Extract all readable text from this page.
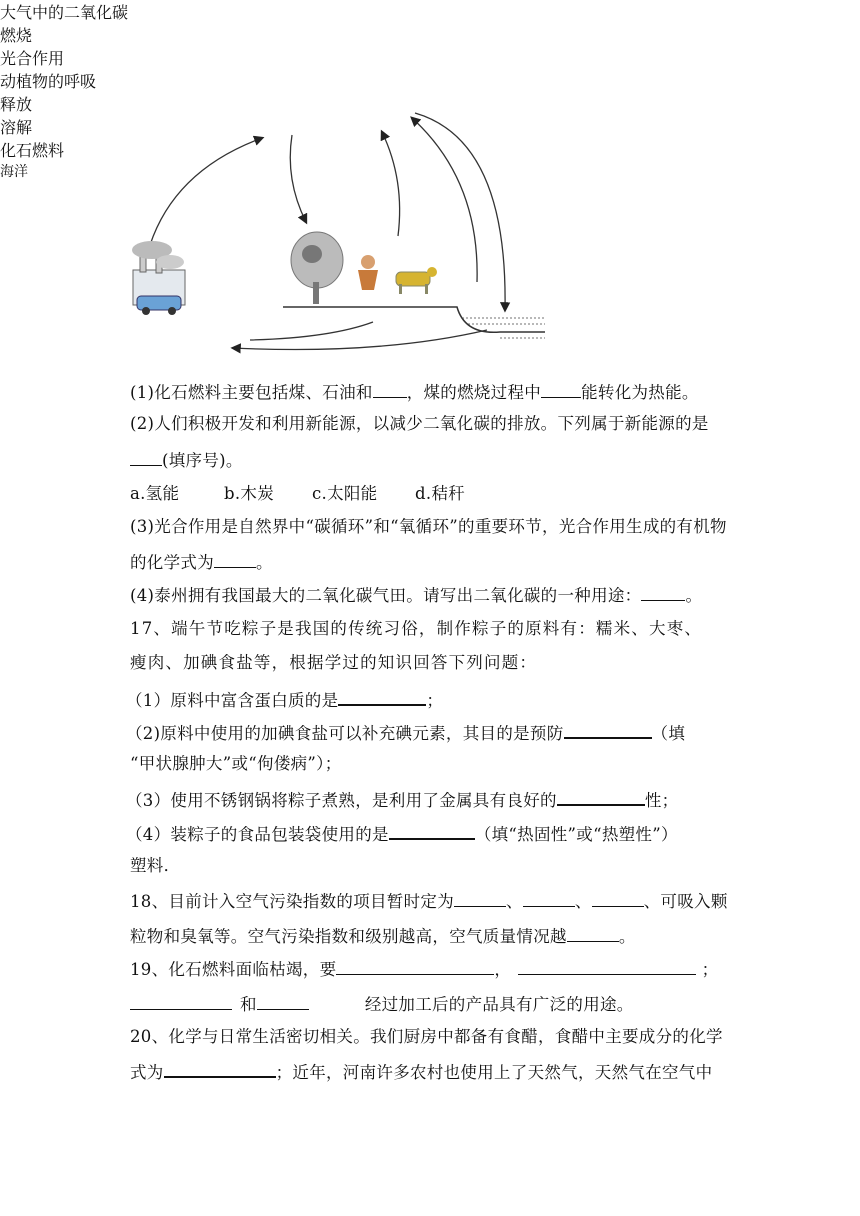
大气中的二氧化碳
燃烧
光合作用
动植物的呼吸
释放
溶解
化石燃料
海洋
(1)化石燃料主要包括煤、石油和 ，煤的燃烧过程中 能转化为热能。
(2)人们积极开发和利用新能源，以减少二氧化碳的排放。下列属于新能源的是
(填序号)。
a.氢能	b.木炭 c.太阳能 d.秸秆
(3)光合作用是自然界中“碳循环”和“氧循环”的重要环节，光合作用生成的有机物
的化学式为	。
(4)泰州拥有我国最大的二氧化碳气田。请写出二氧化碳的一种用途：	。
17、端午节吃粽子是我国的传统习俗，制作粽子的原料有：糯米、大枣、
瘦肉、加碘食盐等，根据学过的知识回答下列问题：
（1）原料中富含蛋白质的是	；
（2)原料中使用的加碘食盐可以补充碘元素，其目的是预防	（填
“甲状腺肿大”或“佝偻病”）；
（3）使用不锈钢锅将粽子煮熟，是利用了金属具有良好的	性；
（4）装粽子的食品包装袋使用的是	（填“热固性”或“热塑性”）
塑料．
18、目前计入空气污染指数的项目暂时定为	、	、	、可吸入颗
粒物和臭氧等。空气污染指数和级别越高，空气质量情况越	。
19、化石燃料面临枯竭，要	，	；
和	经过加工后的产品具有广泛的用途。
20、化学与日常生活密切相关。我们厨房中都备有食醋，食醋中主要成分的化学
式为	；近年，河南许多农村也使用上了天然气，天然气在空气中
